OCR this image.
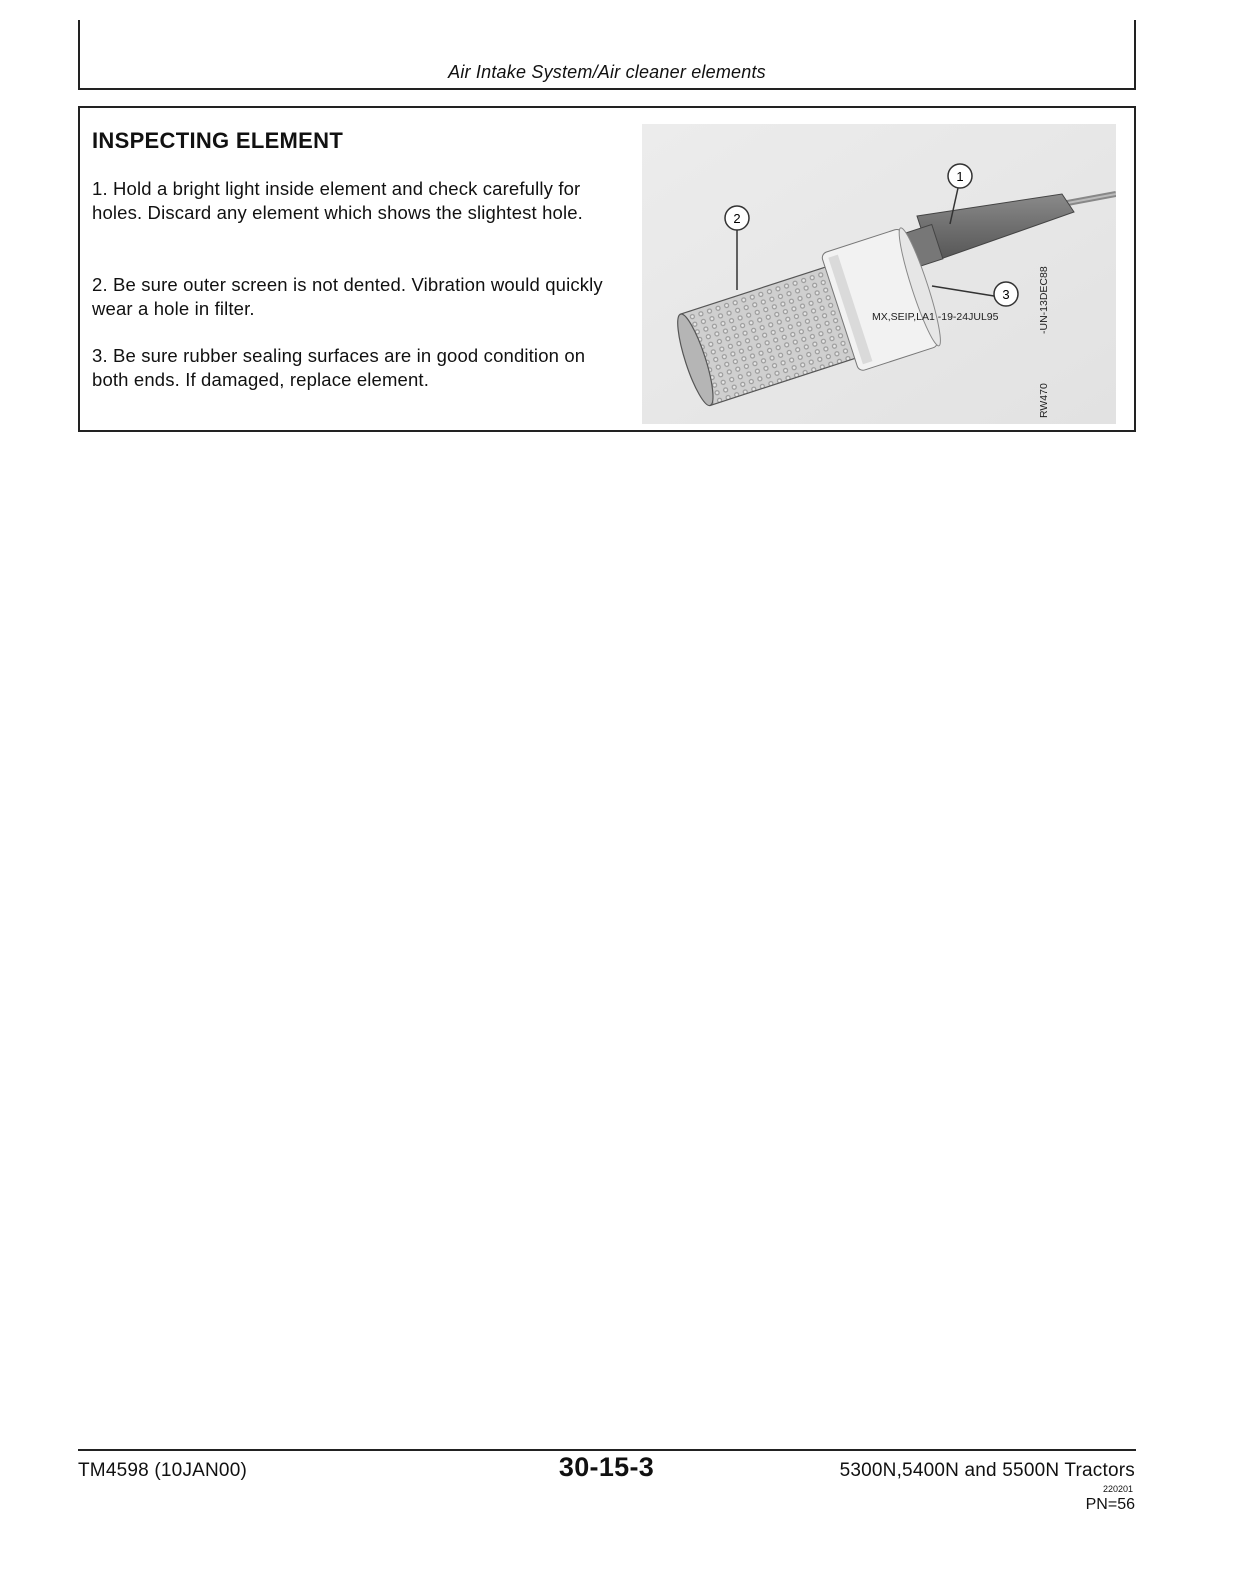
Air Intake System/Air cleaner elements
INSPECTING ELEMENT
1. Hold a bright light inside element and check carefully for holes. Discard any element which shows the slightest hole.
2. Be sure outer screen is not dented. Vibration would quickly wear a hole in filter.
3. Be sure rubber sealing surfaces are in good condition on both ends. If damaged, replace element.
1
2
3	-UN-13DEC88
RW470
MX,SEIP,LA1 -19-24JUL95
TM4598 (10JAN00)	30-15-3	5300N,5400N and 5500N Tractors
220201
PN=56
